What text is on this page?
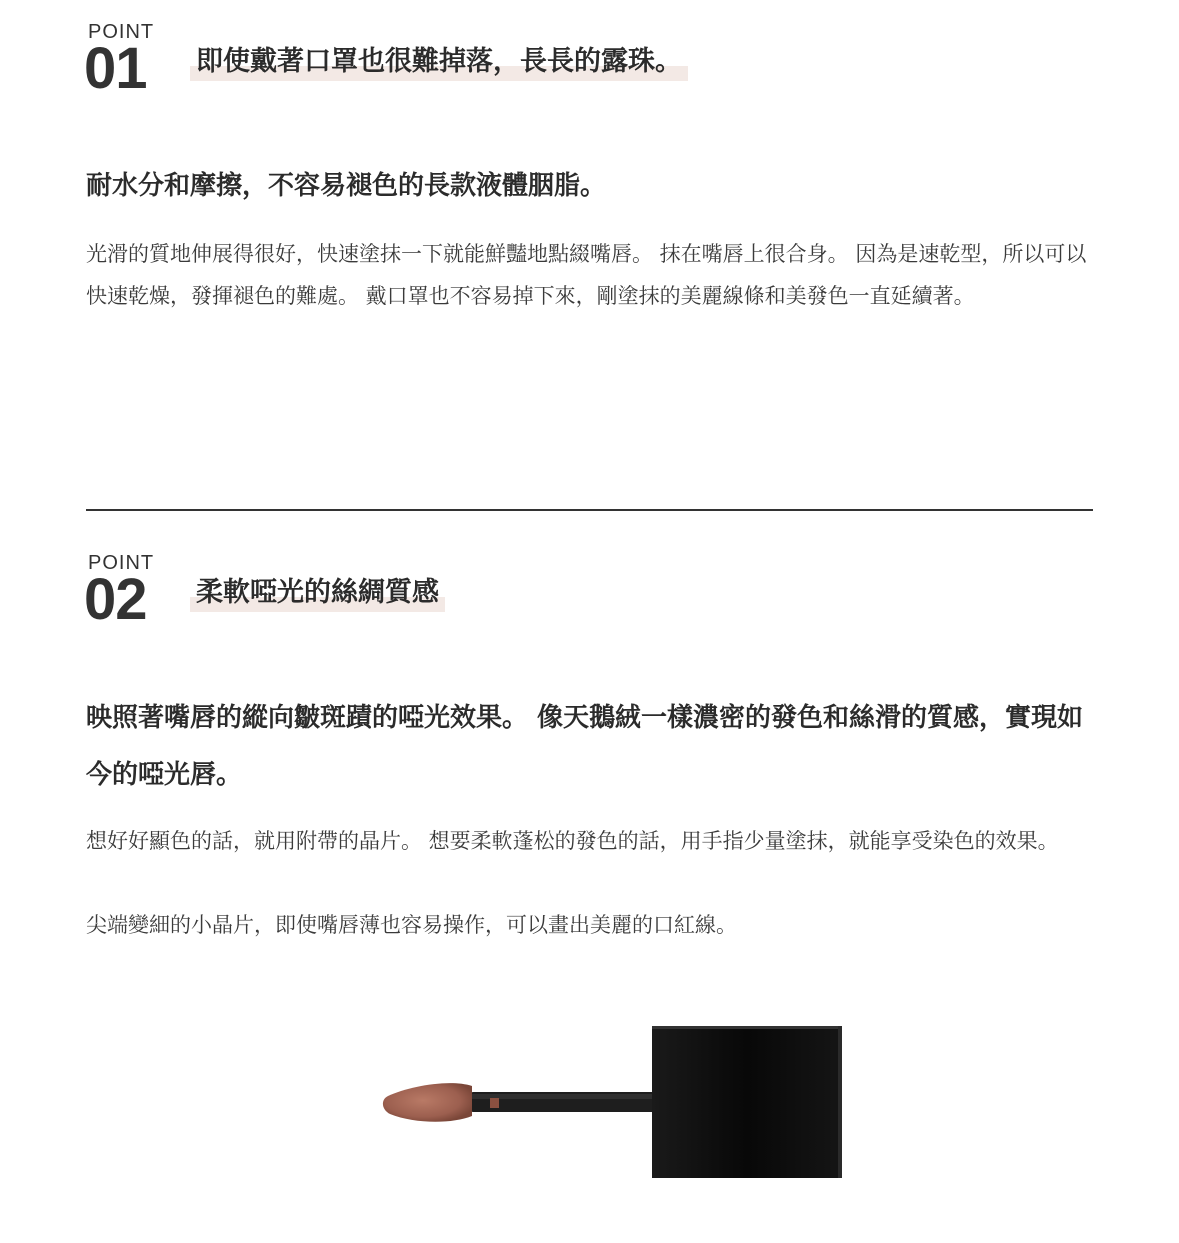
POINT
01 即使戴著口罩也很難掉落，長長的露珠。

耐水分和摩擦，不容易褪色的長款液體胭脂。

光滑的質地伸展得很好，快速塗抹一下就能鮮豔地點綴嘴唇。 抹在嘴唇上很合身。 因為是速乾型，所以可以快速乾燥，發揮褪色的難處。 戴口罩也不容易掉下來，剛塗抹的美麗線條和美發色一直延續著。

POINT
02 柔軟啞光的絲綢質感

映照著嘴唇的縱向皺斑蹟的啞光效果。 像天鵝絨一樣濃密的發色和絲滑的質感，實現如今的啞光唇。

想好好顯色的話，就用附帶的晶片。 想要柔軟蓬松的發色的話，用手指少量塗抹，就能享受染色的效果。

尖端變細的小晶片，即使嘴唇薄也容易操作，可以畫出美麗的口紅線。
